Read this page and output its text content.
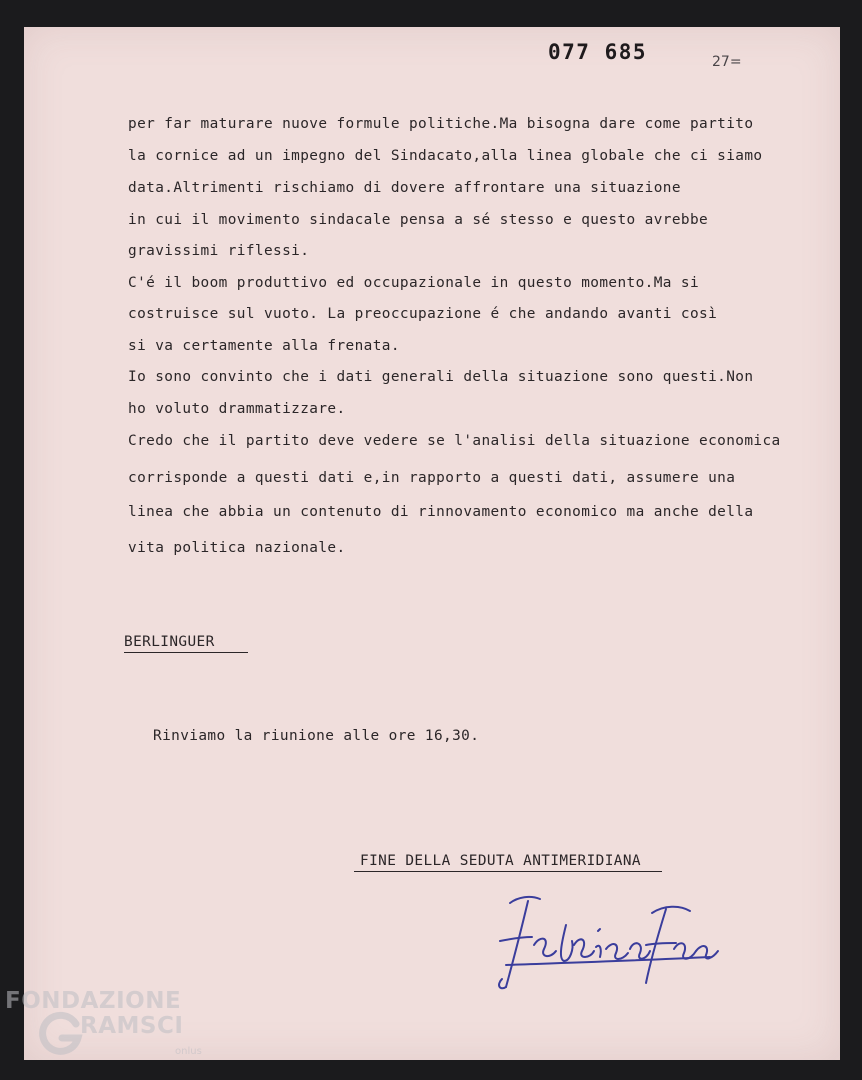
077 685	27=
per far maturare nuove formule politiche.Ma bisogna dare come partito
la cornice ad un impegno del Sindacato,alla linea globale che ci siamo
data.Altrimenti rischiamo di dovere affrontare una situazione
in cui il movimento sindacale pensa a sé stesso e questo avrebbe
gravissimi riflessi.
C'é il boom produttivo ed occupazionale in questo momento.Ma si
costruisce sul vuoto. La preoccupazione é che andando avanti così
si va certamente alla frenata.
Io sono convinto che i dati generali della situazione sono questi.Non
ho voluto drammatizzare.
Credo che il partito deve vedere se l'analisi della situazione economica
corrisponde a questi dati e,in rapporto a questi dati, assumere una
linea che abbia un contenuto di rinnovamento economico ma anche della
vita politica nazionale.
BERLINGUER
Rinviamo la riunione alle ore 16,30.
FINE DELLA SEDUTA ANTIMERIDIANA
FONDAZIONE
RAMSCI
onlus
